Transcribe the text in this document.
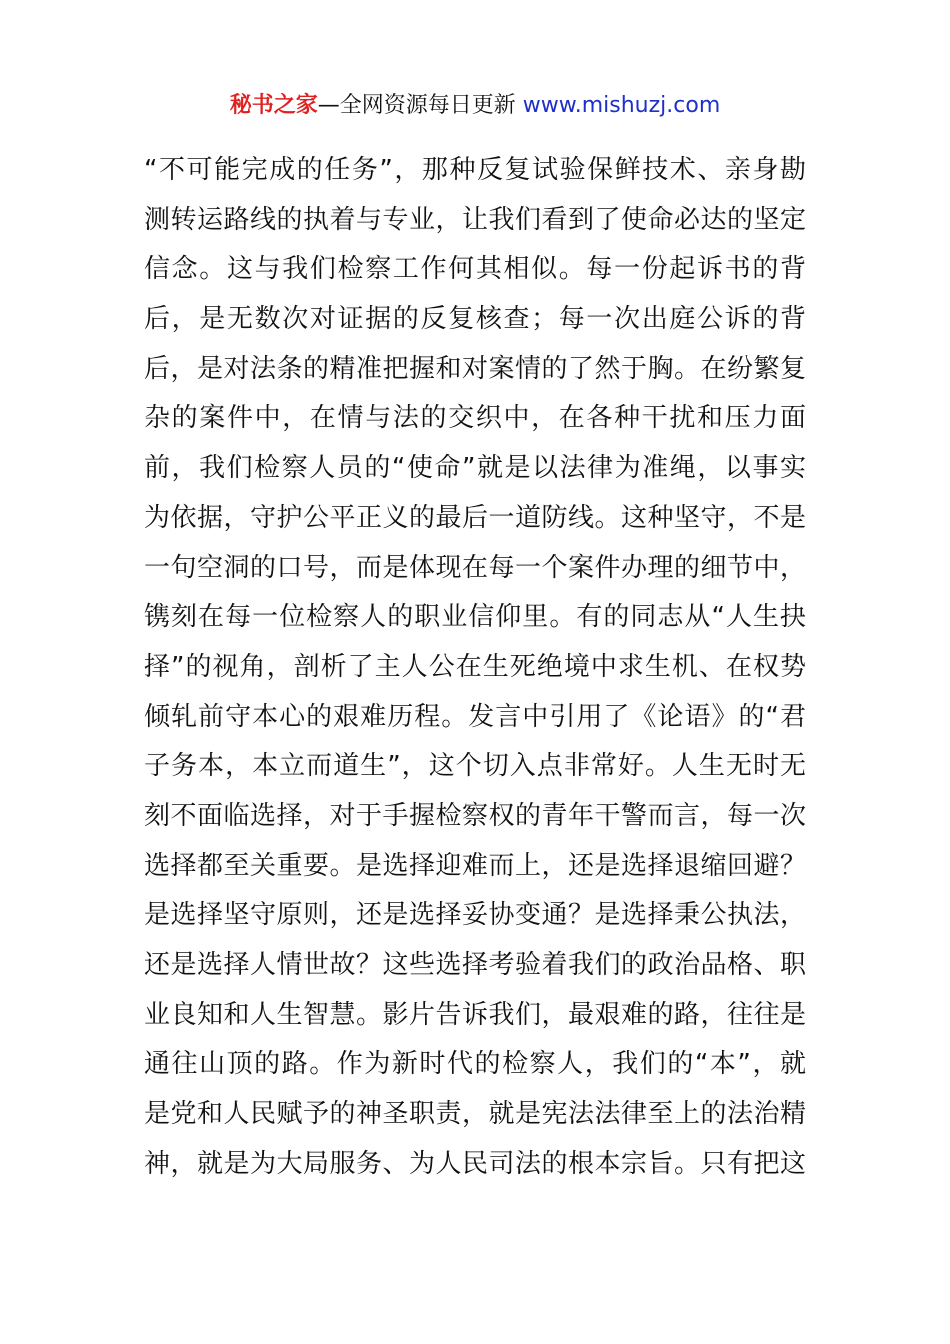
秘书之家—全网资源每日更新 www.mishuzj.com
“不可能完成的任务”，那种反复试验保鲜技术、亲身勘
测转运路线的执着与专业，让我们看到了使命必达的坚定
信念。这与我们检察工作何其相似。每一份起诉书的背
后，是无数次对证据的反复核查；每一次出庭公诉的背
后，是对法条的精准把握和对案情的了然于胸。在纷繁复
杂的案件中，在情与法的交织中，在各种干扰和压力面
前，我们检察人员的“使命”就是以法律为准绳，以事实
为依据，守护公平正义的最后一道防线。这种坚守，不是
一句空洞的口号，而是体现在每一个案件办理的细节中，
镌刻在每一位检察人的职业信仰里。有的同志从“人生抉
择”的视角，剖析了主人公在生死绝境中求生机、在权势
倾轧前守本心的艰难历程。发言中引用了《论语》的“君
子务本，本立而道生”，这个切入点非常好。人生无时无
刻不面临选择，对于手握检察权的青年干警而言，每一次
选择都至关重要。是选择迎难而上，还是选择退缩回避？
是选择坚守原则，还是选择妥协变通？是选择秉公执法，
还是选择人情世故？这些选择考验着我们的政治品格、职
业良知和人生智慧。影片告诉我们，最艰难的路，往往是
通往山顶的路。作为新时代的检察人，我们的“本”，就
是党和人民赋予的神圣职责，就是宪法法律至上的法治精
神，就是为大局服务、为人民司法的根本宗旨。只有把这
